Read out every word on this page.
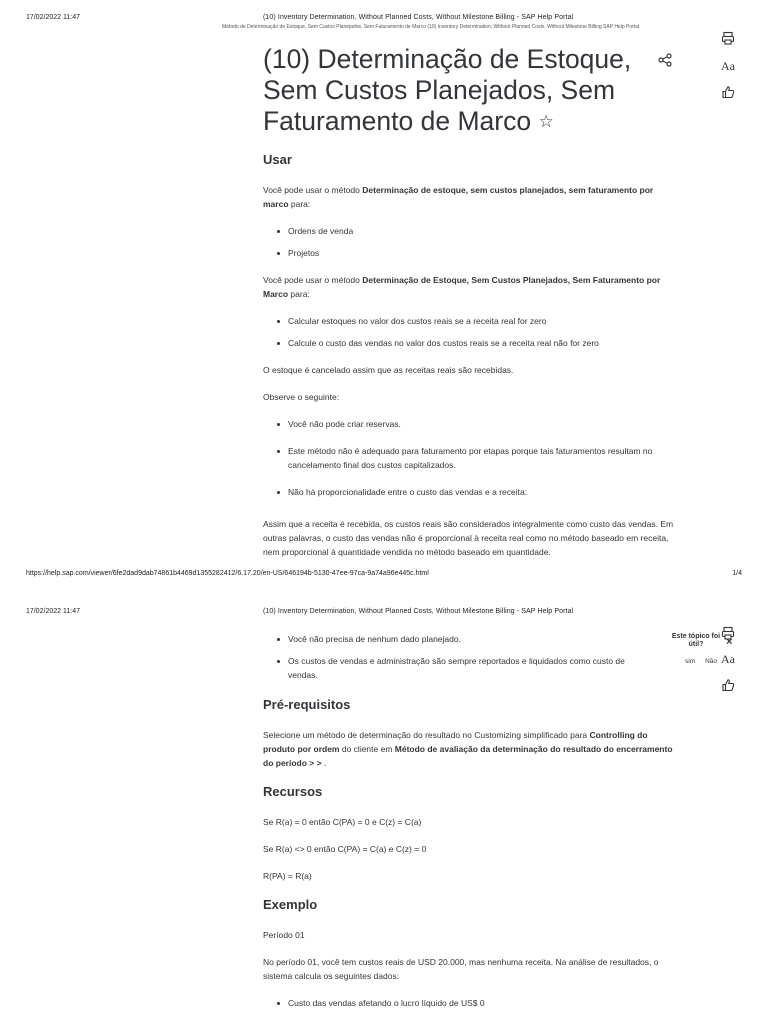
17/02/2022 11:47	(10) Inventory Determination, Without Planned Costs, Without Milestone Billing - SAP Help Portal
Método de Determinação de Estoque, Sem Custos Planejados, Sem Faturamento de Marco (10) Inventory Determination, Without Planned Costs, Without Milestone Billing SAP Help Portal
Aa
(10) Determinação de Estoque, Sem Custos Planejados, Sem Faturamento de Marco ☆
Usar

Você pode usar o método Determinação de estoque, sem custos planejados, sem faturamento por marco para:

Ordens de venda
Projetos

Você pode usar o método Determinação de Estoque, Sem Custos Planejados, Sem Faturamento por Marco para:

Calcular estoques no valor dos custos reais se a receita real for zero
Calcule o custo das vendas no valor dos custos reais se a receita real não for zero

O estoque é cancelado assim que as receitas reais são recebidas.

Observe o seguinte:

Você não pode criar reservas.
Este método não é adequado para faturamento por etapas porque tais faturamentos resultam no cancelamento final dos custos capitalizados.
Não há proporcionalidade entre o custo das vendas e a receita:

Assim que a receita é recebida, os custos reais são considerados integralmente como custo das vendas. Em outras palavras, o custo das vendas não é proporcional à receita real como no método baseado em receita, nem proporcional à quantidade vendida no método baseado em quantidade.

https://help.sap.com/viewer/6fe2dad9dab74861b4469d1355282412/6.17.20/en-US/646194b-5130-47ee-97ca-9a74a96e445c.html	1/4
17/02/2022 11:47	(10) Inventory Determination, Without Planned Costs, Without Milestone Billing - SAP Help Portal
Aa
Este tópico foi útil?	×
sim Não
Você não precisa de nenhum dado planejado.
Os custos de vendas e administração são sempre reportados e liquidados como custo de vendas.
Pré-requisitos

Selecione um método de determinação do resultado no Customizing simplificado para Controlling do produto por ordem do cliente em Método de avaliação da determinação do resultado do encerramento do período > > .

Recursos

Se R(a) = 0 então C(PA) = 0 e C(z) = C(a)

Se R(a) <> 0 então C(PA) = C(a) e C(z) = 0

R(PA) = R(a)

Exemplo

Período 01

No período 01, você tem custos reais de USD 20.000, mas nenhuma receita. Na análise de resultados, o sistema calcula os seguintes dados:

Custo das vendas afetando o lucro líquido de US$ 0
